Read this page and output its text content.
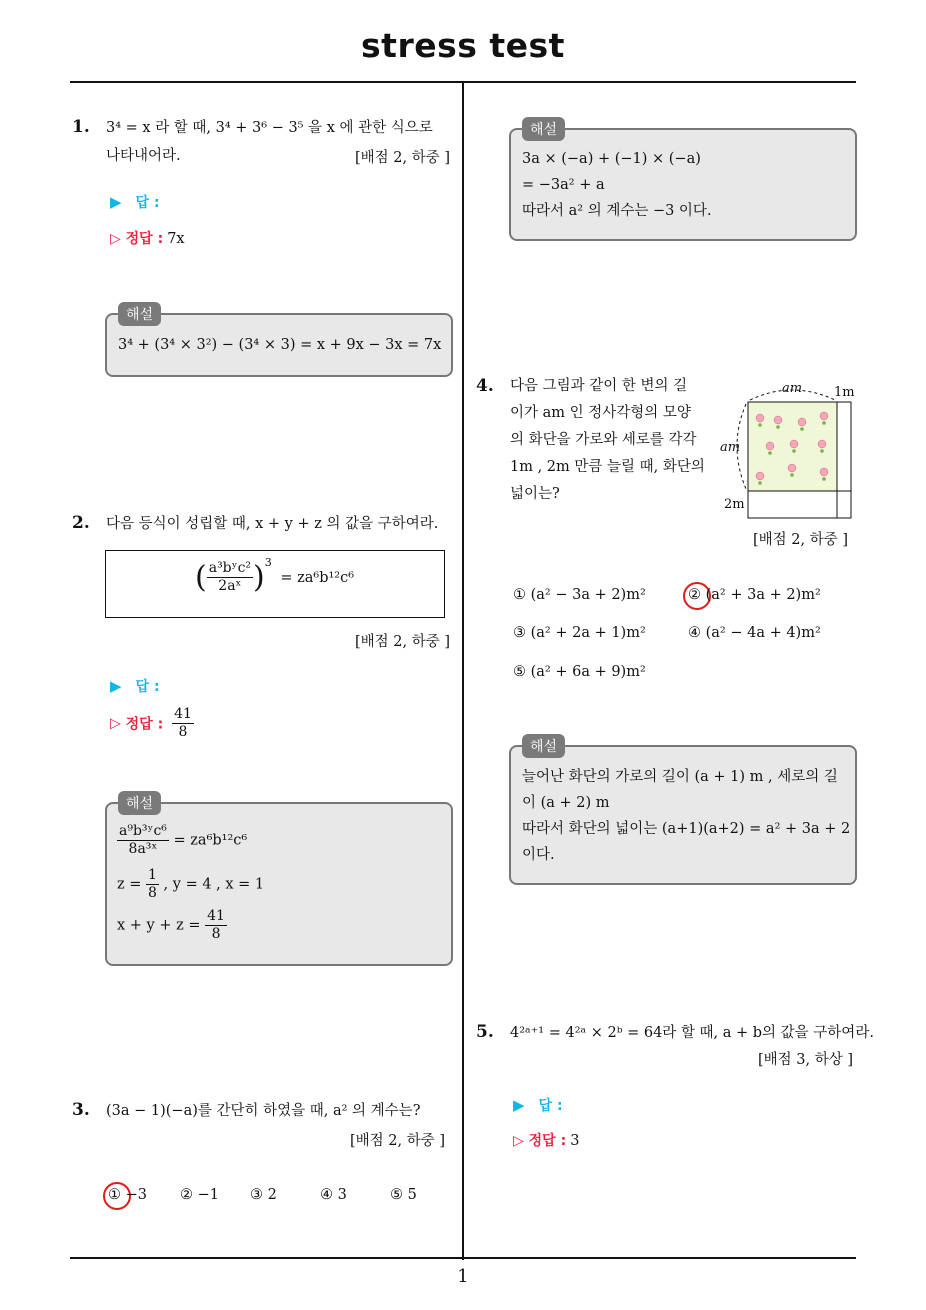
stress test
1
1. 3⁴ = x 라 할 때, 3⁴ + 3⁶ − 3⁵ 을 x 에 관한 식으로
나타내어라.	[배점 2, 하중 ]
▶ 답 :
▷ 정답 : 7x
해설
3⁴ + (3⁴ × 3²) − (3⁴ × 3) = x + 9x − 3x = 7x
2. 다음 등식이 성립할 때, x + y + z 의 값을 구하여라.
( $\frac{\text{a³bʸc²}}{\text{2aˣ}} )^3 = za^6b^{12}c^6$
[배점 2, 하중 ]
▶ 답 :
▷ 정답 : $\frac{41}{8}$
해설
$\frac{\text{a⁹b³ʸc⁶}}{\text{8a³ˣ}} = za^6b^{12}c^6$
$z = \frac{1}{8}$ , y = 4 , x = 1
$x + y + z = \frac{41}{8}$
3. (3a − 1)(−a)를 간단히 하였을 때, a² 의 계수는?
[배점 2, 하중 ]
① −3 ② −1 ③ 2	④ 3	⑤ 5
해설
3a × (−a) + (−1) × (−a)
= −3a² + a
따라서 a² 의 계수는 −3 이다.
4. 다음 그림과 같이 한 변의 길
이가 am 인 정사각형의 모양
의 화단을 가로와 세로를 각각
1m , 2m 만큼 늘릴 때, 화단의
넓이는?
am 1m
am
2m
[배점 2, 하중 ]
① (a² − 3a + 2)m²	② (a² + 3a + 2)m²
③ (a² + 2a + 1)m²	④ (a² − 4a + 4)m²
⑤ (a² + 6a + 9)m²
해설
늘어난 화단의 가로의 길이 (a + 1) m , 세로의 길
이 (a + 2) m
따라서 화단의 넓이는 (a+1)(a+2) = a² + 3a + 2
이다.
5. 4²ᵃ⁺¹ = 4²ᵃ × 2ᵇ = 64라 할 때, a + b의 값을 구하여라.
[배점 3, 하상 ]
▶ 답 :
▷ 정답 : 3
